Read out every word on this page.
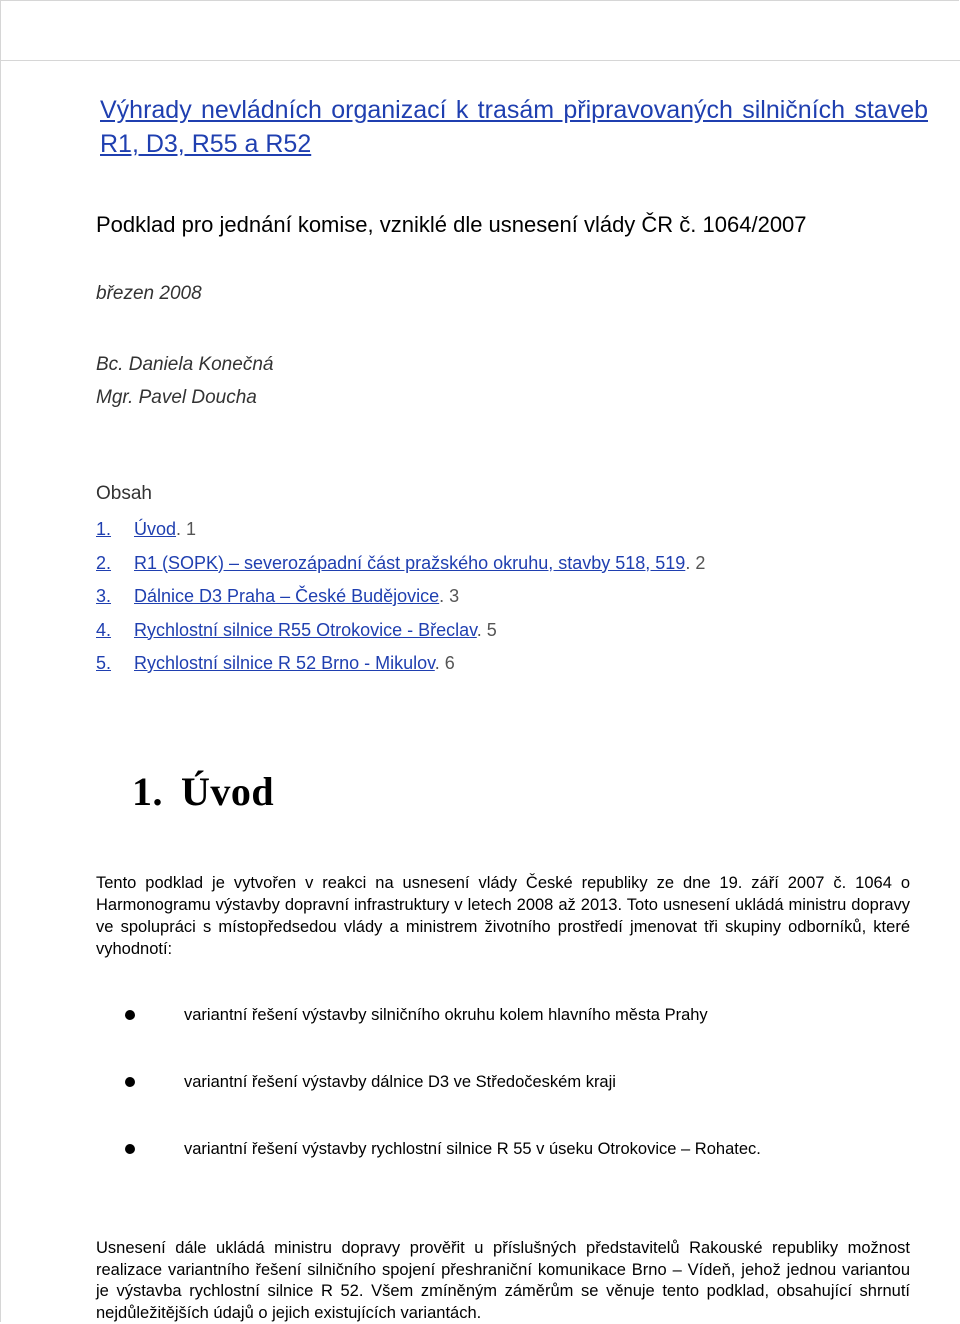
Výhrady nevládních organizací k trasám připravovaných silničních staveb R1, D3, R55 a R52

Podklad pro jednání komise, vzniklé dle usnesení vlády ČR č. 1064/2007

březen 2008

Bc. Daniela Konečná
Mgr. Pavel Doucha

Obsah

1. Úvod. 1
2. R1 (SOPK) – severozápadní část pražského okruhu, stavby 518, 519. 2
3. Dálnice D3 Praha – České Budějovice. 3
4. Rychlostní silnice R55 Otrokovice - Břeclav. 5
5. Rychlostní silnice R 52 Brno - Mikulov. 6
1. Úvod

Tento podklad je vytvořen v reakci na usnesení vlády České republiky ze dne 19. září 2007 č. 1064 o Harmonogramu výstavby dopravní infrastruktury v letech 2008 až 2013. Toto usnesení ukládá ministru dopravy ve spolupráci s místopředsedou vlády a ministrem životního prostředí jmenovat tři skupiny odborníků, které vyhodnotí:

variantní řešení výstavby silničního okruhu kolem hlavního města Prahy
variantní řešení výstavby dálnice D3 ve Středočeském kraji
variantní řešení výstavby rychlostní silnice R 55 v úseku Otrokovice – Rohatec.

Usnesení dále ukládá ministru dopravy prověřit u příslušných představitelů Rakouské republiky možnost realizace variantního řešení silničního spojení přeshraniční komunikace Brno – Vídeň, jehož jednou variantou je výstavba rychlostní silnice R 52. Všem zmíněným záměrům se věnuje tento podklad, obsahující shrnutí nejdůležitějších údajů o jejich existujících variantách.
